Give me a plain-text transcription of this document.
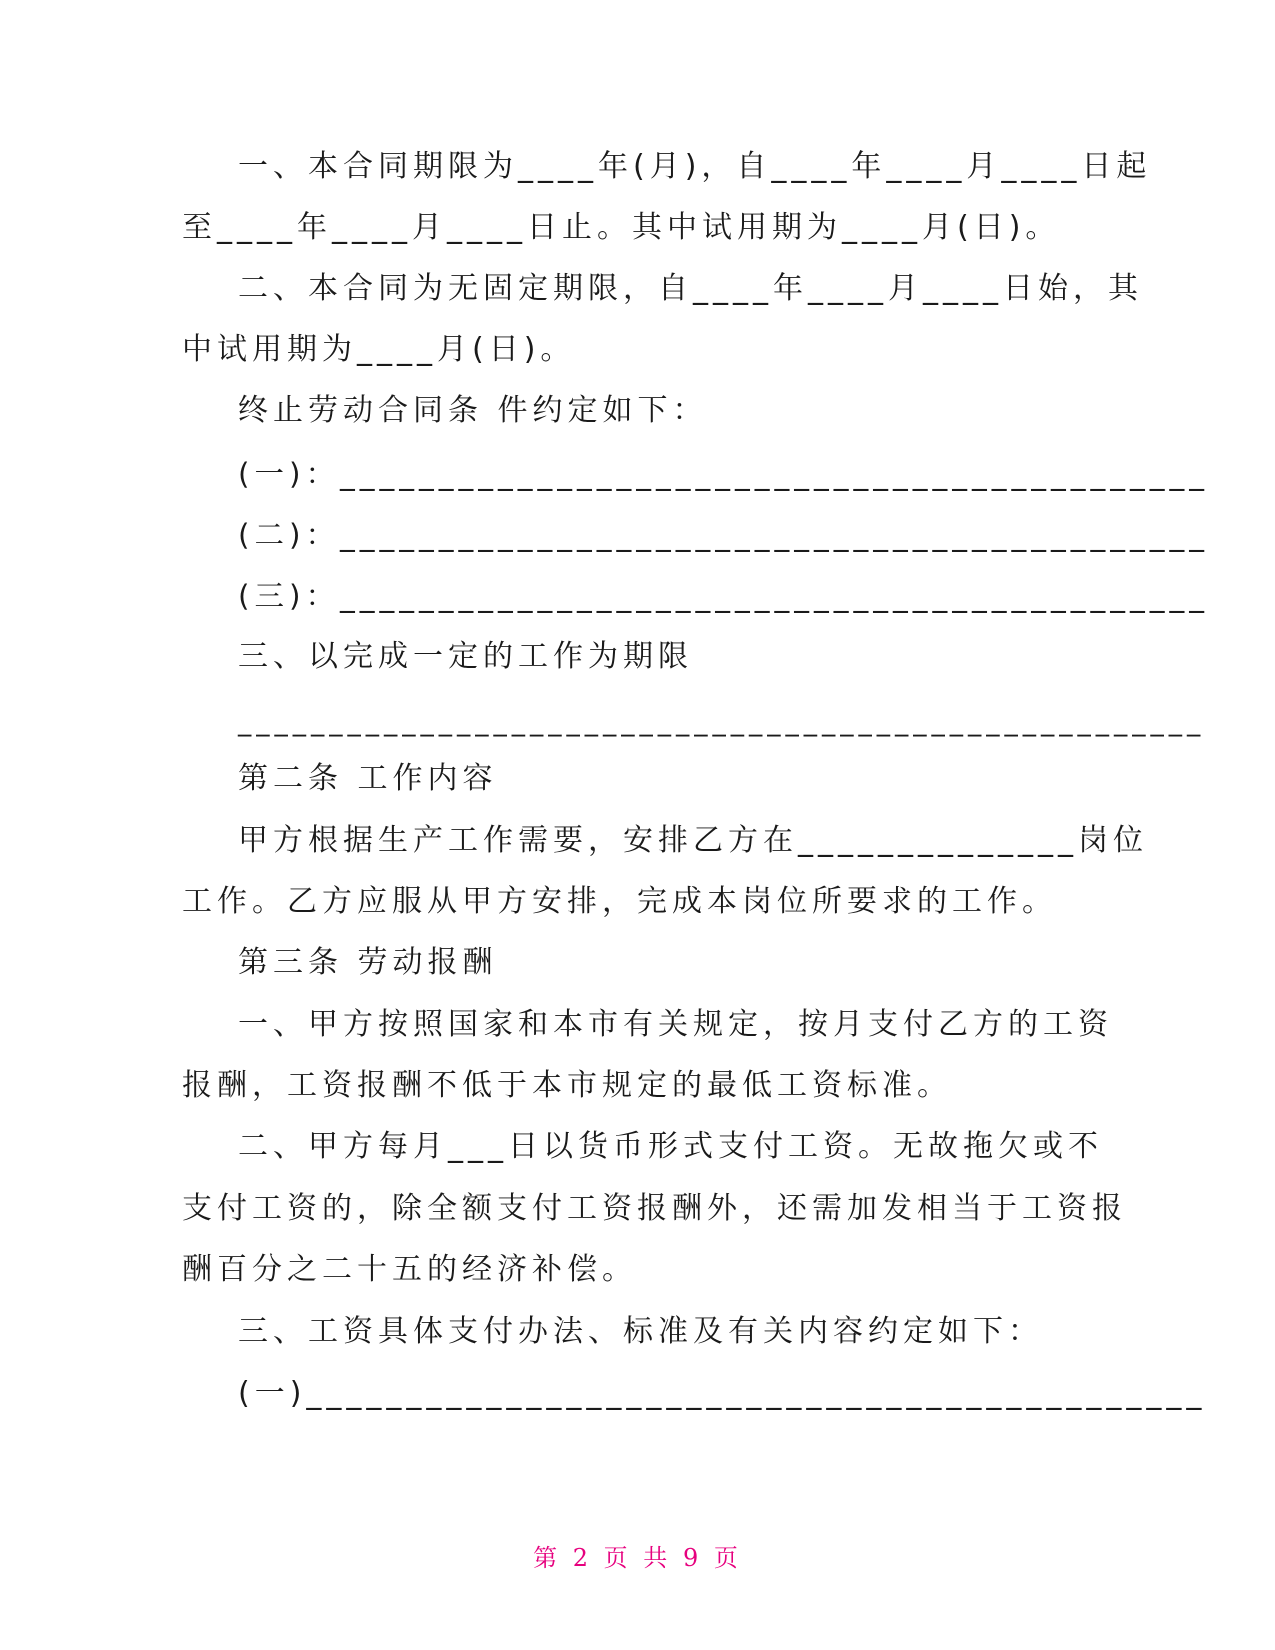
一、本合同期限为____年(月)，自____年____月____日起
至____年____月____日止。其中试用期为____月(日)。
二、本合同为无固定期限，自____年____月____日始，其
中试用期为____月(日)。
终止劳动合同条 件约定如下：
(一)：____________________________________________
(二)：____________________________________________
(三)：____________________________________________
三、以完成一定的工作为期限
_____________________________________________________
第二条 工作内容
甲方根据生产工作需要，安排乙方在______________岗位
工作。乙方应服从甲方安排，完成本岗位所要求的工作。
第三条 劳动报酬
一、甲方按照国家和本市有关规定，按月支付乙方的工资
报酬，工资报酬不低于本市规定的最低工资标准。
二、甲方每月___日以货币形式支付工资。无故拖欠或不
支付工资的，除全额支付工资报酬外，还需加发相当于工资报
酬百分之二十五的经济补偿。
三、工资具体支付办法、标准及有关内容约定如下：
(一)_____________________________________________
第 2 页 共 9 页
